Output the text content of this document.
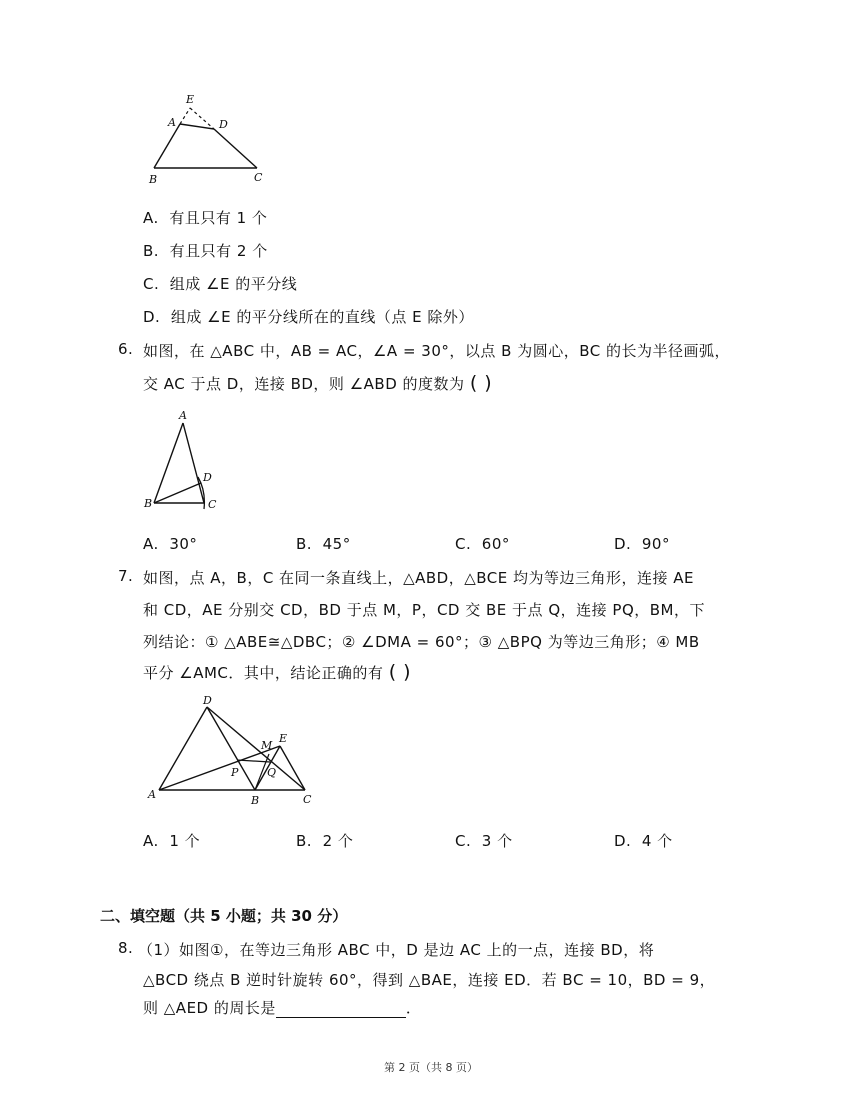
E
A	D
B	C
A. 有且只有 1 个
B. 有且只有 2 个
C. 组成 ∠E 的平分线
D. 组成 ∠E 的平分线所在的直线（点 E 除外）
6. 如图，在 △ABC 中，AB = AC，∠A = 30°，以点 B 为圆心，BC 的长为半径画弧，
交 AC 于点 D，连接 BD，则 ∠ABD 的度数为 ( )
A
D
B	C
A. 30°	B. 45°	C. 60°	D. 90°
7. 如图，点 A，B，C 在同一条直线上，△ABD，△BCE 均为等边三角形，连接 AE
和 CD，AE 分别交 CD，BD 于点 M，P，CD 交 BE 于点 Q，连接 PQ，BM，下
列结论：① △ABE≅△DBC；② ∠DMA = 60°；③ △BPQ 为等边三角形；④ MB
平分 ∠AMC．其中，结论正确的有 ( )
D
M
E
P	Q
A	B	C
A. 1 个	B. 2 个	C. 3 个	D. 4 个
二、填空题（共 5 小题；共 30 分）
8. （1）如图①，在等边三角形 ABC 中，D 是边 AC 上的一点，连接 BD，将
△BCD 绕点 B 逆时针旋转 60°，得到 △BAE，连接 ED．若 BC = 10，BD = 9，
则 △AED 的周长是	．
第 2 页（共 8 页）
